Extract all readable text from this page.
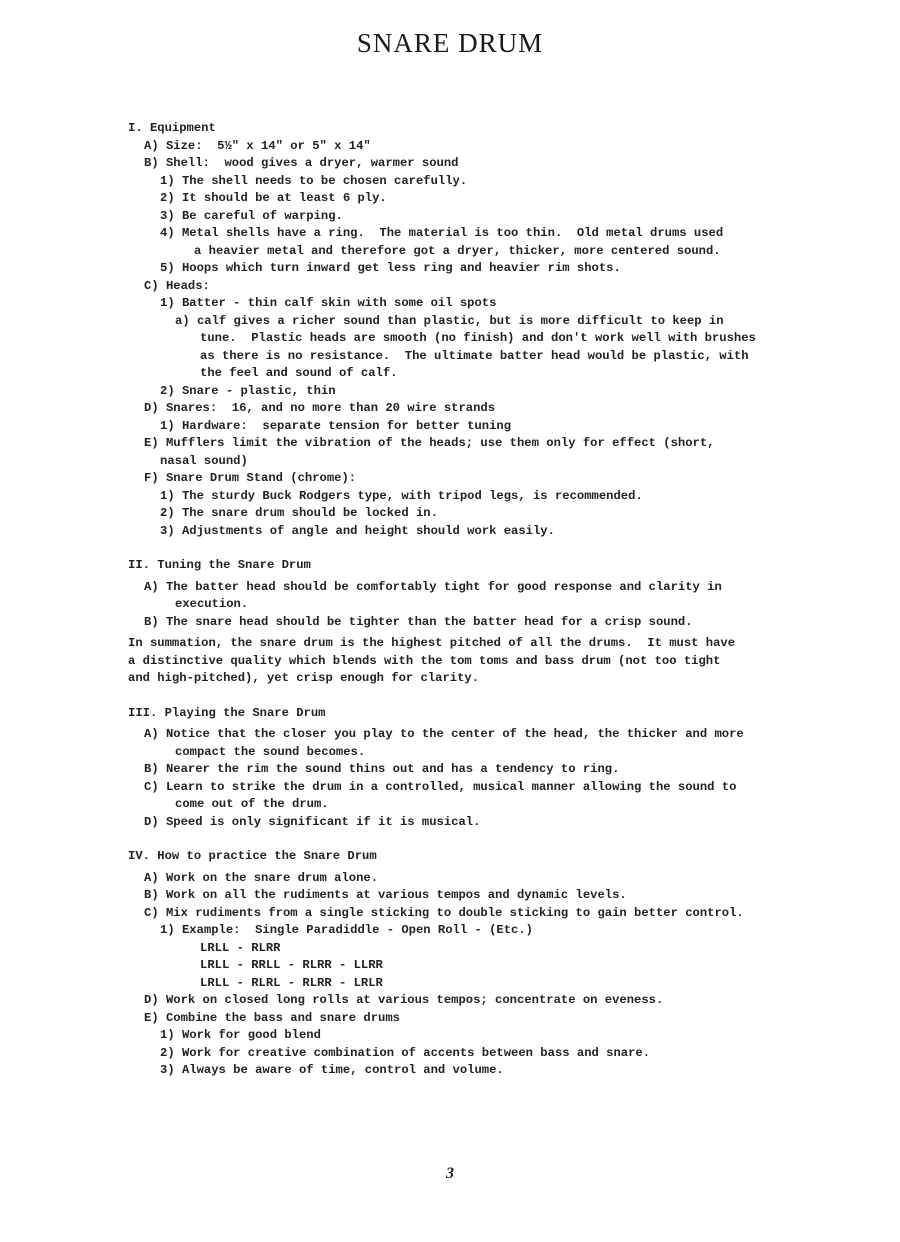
SNARE DRUM
I. Equipment
A) Size:  5½" x 14" or 5" x 14"
B) Shell:  wood gives a dryer, warmer sound
1) The shell needs to be chosen carefully.
2) It should be at least 6 ply.
3) Be careful of warping.
4) Metal shells have a ring.  The material is too thin.  Old metal drums used
a heavier metal and therefore got a dryer, thicker, more centered sound.
5) Hoops which turn inward get less ring and heavier rim shots.
C) Heads:
1) Batter - thin calf skin with some oil spots
a) calf gives a richer sound than plastic, but is more difficult to keep in
tune.  Plastic heads are smooth (no finish) and don't work well with brushes
as there is no resistance.  The ultimate batter head would be plastic, with
the feel and sound of calf.
2) Snare - plastic, thin
D) Snares:  16, and no more than 20 wire strands
1) Hardware:  separate tension for better tuning
E) Mufflers limit the vibration of the heads; use them only for effect (short,
nasal sound)
F) Snare Drum Stand (chrome):
1) The sturdy Buck Rodgers type, with tripod legs, is recommended.
2) The snare drum should be locked in.
3) Adjustments of angle and height should work easily.
II. Tuning the Snare Drum
A) The batter head should be comfortably tight for good response and clarity in
execution.
B) The snare head should be tighter than the batter head for a crisp sound.
In summation, the snare drum is the highest pitched of all the drums.  It must have
a distinctive quality which blends with the tom toms and bass drum (not too tight
and high-pitched), yet crisp enough for clarity.
III. Playing the Snare Drum
A) Notice that the closer you play to the center of the head, the thicker and more
compact the sound becomes.
B) Nearer the rim the sound thins out and has a tendency to ring.
C) Learn to strike the drum in a controlled, musical manner allowing the sound to
come out of the drum.
D) Speed is only significant if it is musical.
IV. How to practice the Snare Drum
A) Work on the snare drum alone.
B) Work on all the rudiments at various tempos and dynamic levels.
C) Mix rudiments from a single sticking to double sticking to gain better control.
1) Example:  Single Paradiddle - Open Roll - (Etc.)
LRLL - RLRR
LRLL - RRLL - RLRR - LLRR
LRLL - RLRL - RLRR - LRLR
D) Work on closed long rolls at various tempos; concentrate on eveness.
E) Combine the bass and snare drums
1) Work for good blend
2) Work for creative combination of accents between bass and snare.
3) Always be aware of time, control and volume.
3
